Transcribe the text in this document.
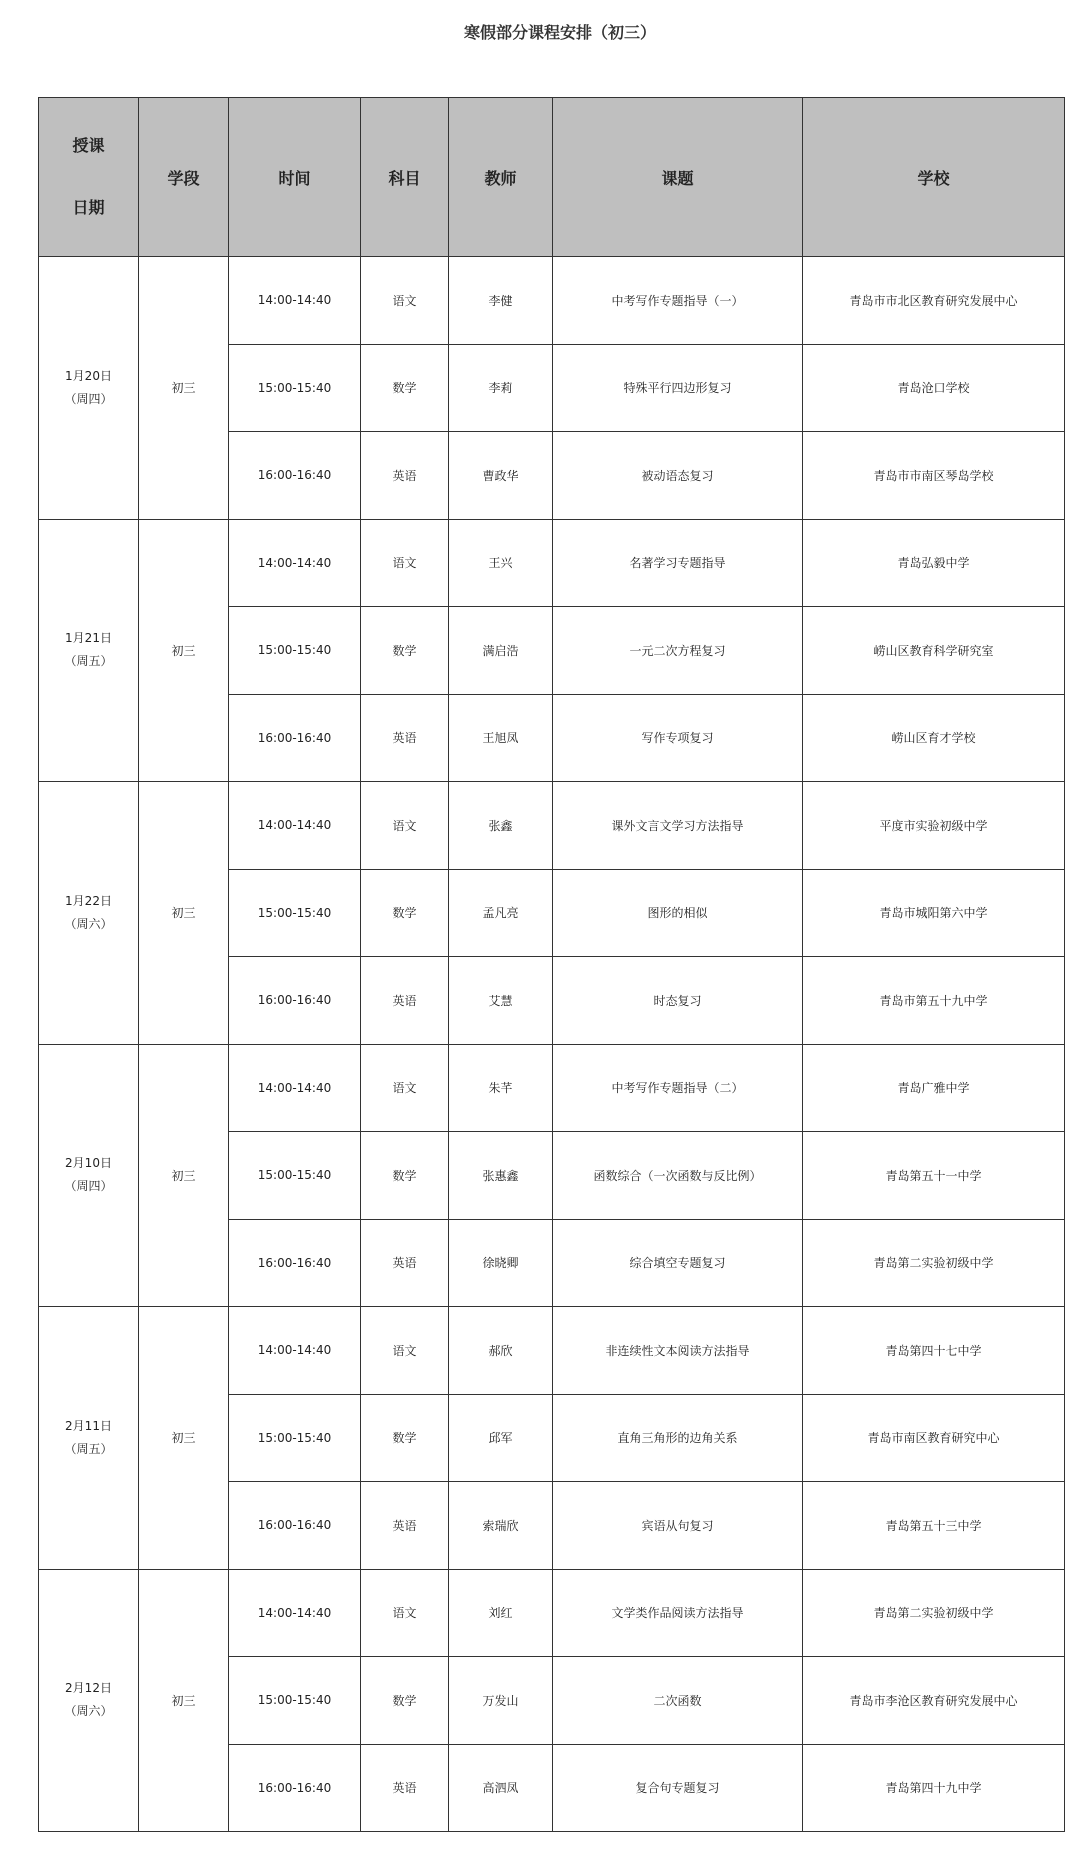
寒假部分课程安排（初三）
授课
日期	学段	时间	科目	教师	课题	学校
1月20日
（周四）	初三	14:00-14:40	语文	李健	中考写作专题指导（一）	青岛市市北区教育研究发展中心
		15:00-15:40	数学	李莉	特殊平行四边形复习	青岛沧口学校
		16:00-16:40	英语	曹政华	被动语态复习	青岛市市南区琴岛学校
1月21日
（周五）	初三	14:00-14:40	语文	王兴	名著学习专题指导	青岛弘毅中学
		15:00-15:40	数学	满启浩	一元二次方程复习	崂山区教育科学研究室
		16:00-16:40	英语	王旭凤	写作专项复习	崂山区育才学校
1月22日
（周六）	初三	14:00-14:40	语文	张鑫	课外文言文学习方法指导	平度市实验初级中学
		15:00-15:40	数学	孟凡亮	图形的相似	青岛市城阳第六中学
		16:00-16:40	英语	艾慧	时态复习	青岛市第五十九中学
2月10日
（周四）	初三	14:00-14:40	语文	朱芊	中考写作专题指导（二）	青岛广雅中学
		15:00-15:40	数学	张惠鑫	函数综合（一次函数与反比例）	青岛第五十一中学
		16:00-16:40	英语	徐晓卿	综合填空专题复习	青岛第二实验初级中学
2月11日
（周五）	初三	14:00-14:40	语文	郝欣	非连续性文本阅读方法指导	青岛第四十七中学
		15:00-15:40	数学	邱军	直角三角形的边角关系	青岛市南区教育研究中心
		16:00-16:40	英语	索瑞欣	宾语从句复习	青岛第五十三中学
2月12日
（周六）	初三	14:00-14:40	语文	刘红	文学类作品阅读方法指导	青岛第二实验初级中学
		15:00-15:40	数学	万发山	二次函数	青岛市李沧区教育研究发展中心
		16:00-16:40	英语	高泗凤	复合句专题复习	青岛第四十九中学
